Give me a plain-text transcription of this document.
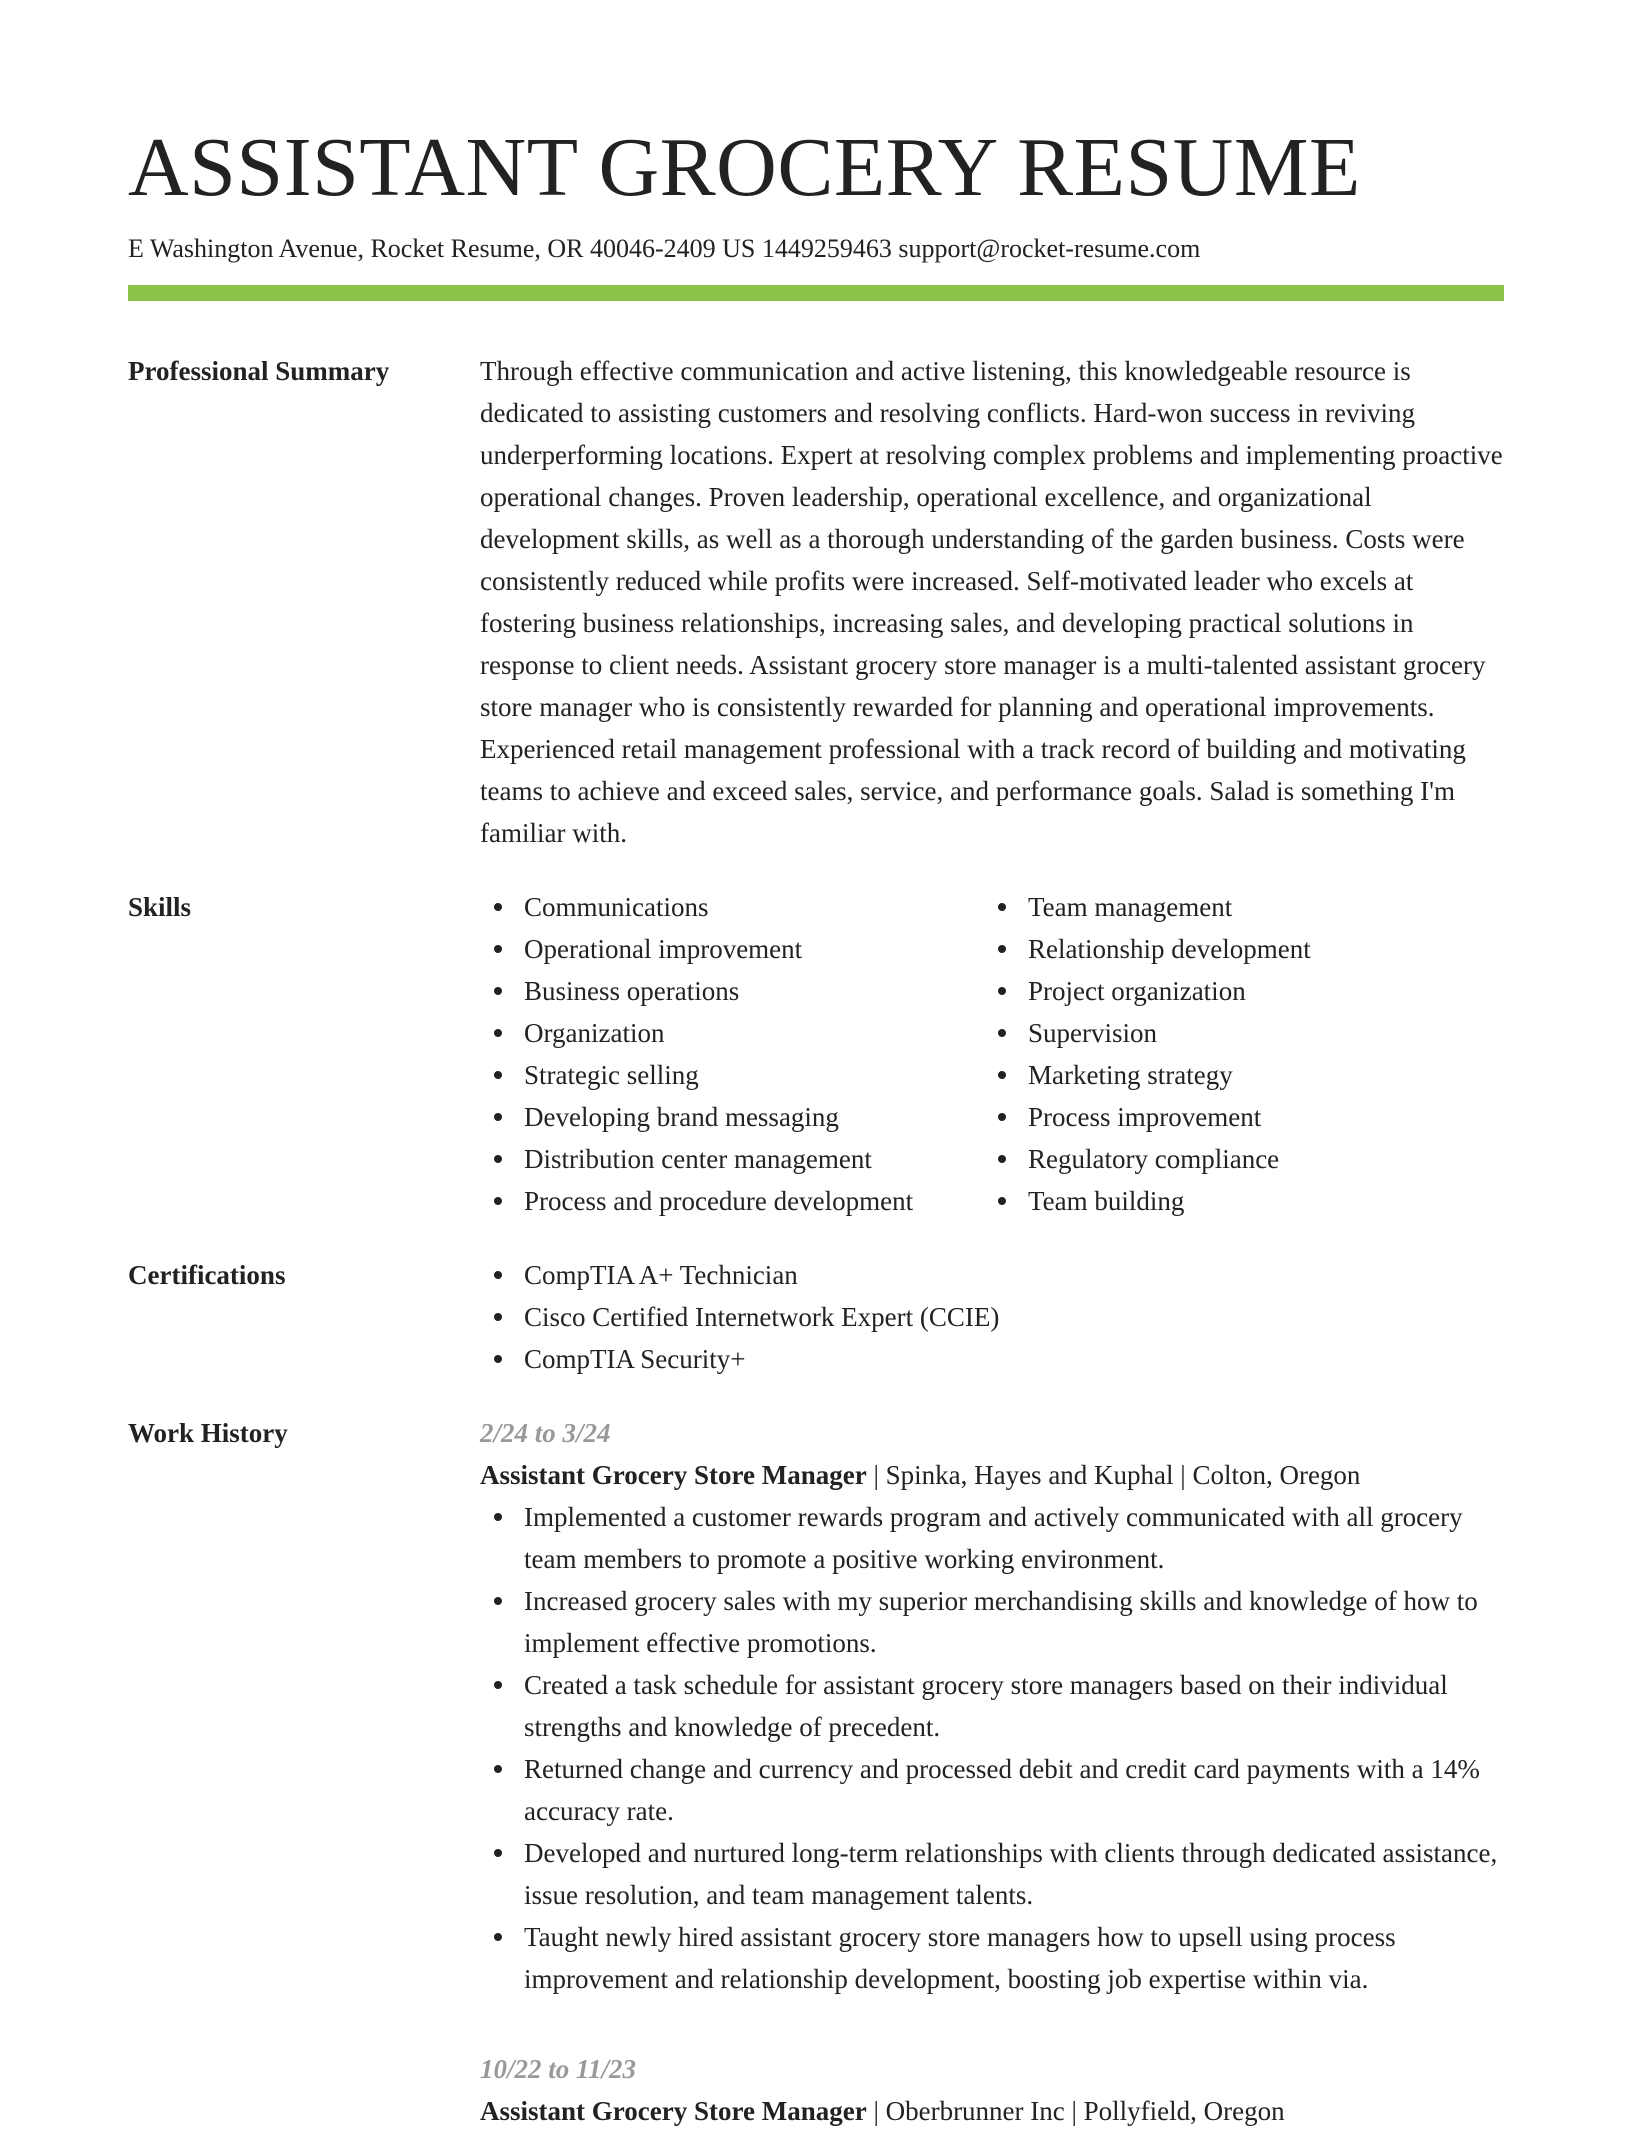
ASSISTANT GROCERY RESUME
E Washington Avenue, Rocket Resume, OR 40046-2409 US 1449259463 support@rocket-resume.com
Professional Summary	Through effective communication and active listening, this knowledgeable resource is dedicated to assisting customers and resolving conflicts. Hard-won success in reviving underperforming locations. Expert at resolving complex problems and implementing proactive operational changes. Proven leadership, operational excellence, and organizational development skills, as well as a thorough understanding of the garden business. Costs were consistently reduced while profits were increased. Self-motivated leader who excels at fostering business relationships, increasing sales, and developing practical solutions in response to client needs. Assistant grocery store manager is a multi-talented assistant grocery store manager who is consistently rewarded for planning and operational improvements. Experienced retail management professional with a track record of building and motivating teams to achieve and exceed sales, service, and performance goals. Salad is something I'm familiar with.

Skills	Communications
Operational improvement
Business operations
Organization
Strategic selling
Developing brand messaging
Distribution center management
Process and procedure development
Team management
Relationship development
Project organization
Supervision
Marketing strategy
Process improvement
Regulatory compliance
Team building
Certifications	CompTIA A+ Technician
Cisco Certified Internetwork Expert (CCIE)
CompTIA Security+
Work History	2/24 to 3/24
Assistant Grocery Store Manager | Spinka, Hayes and Kuphal | Colton, Oregon
Implemented a customer rewards program and actively communicated with all grocery team members to promote a positive working environment.
Increased grocery sales with my superior merchandising skills and knowledge of how to implement effective promotions.
Created a task schedule for assistant grocery store managers based on their individual strengths and knowledge of precedent.
Returned change and currency and processed debit and credit card payments with a 14% accuracy rate.
Developed and nurtured long-term relationships with clients through dedicated assistance, issue resolution, and team management talents.
Taught newly hired assistant grocery store managers how to upsell using process improvement and relationship development, boosting job expertise within via.
10/22 to 11/23
Assistant Grocery Store Manager | Oberbrunner Inc | Pollyfield, Oregon
